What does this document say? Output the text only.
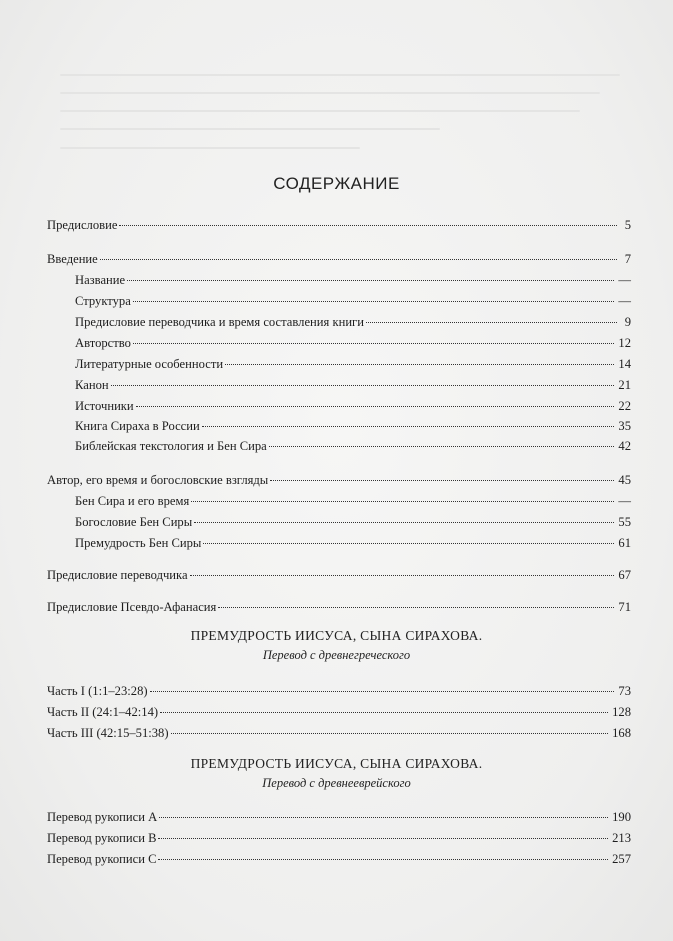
СОДЕРЖАНИЕ
Предисловие	5
Введение	7
Название	—
Структура	—
Предисловие переводчика и время составления книги	9
Авторство	12
Литературные особенности	14
Канон	21
Источники	22
Книга Сираха в России	35
Библейская текстология и Бен Сира	42
Автор, его время и богословские взгляды	45
Бен Сира и его время	—
Богословие Бен Сиры	55
Премудрость Бен Сиры	61
Предисловие переводчика	67
Предисловие Псевдо-Афанасия	71
ПРЕМУДРОСТЬ ИИСУСА, СЫНА СИРАХОВА.
Перевод с древнегреческого
Часть I (1:1–23:28)	73
Часть II (24:1–42:14)	128
Часть III (42:15–51:38)	168
ПРЕМУДРОСТЬ ИИСУСА, СЫНА СИРАХОВА.
Перевод с древнееврейского
Перевод рукописи A	190
Перевод рукописи B	213
Перевод рукописи C	257
